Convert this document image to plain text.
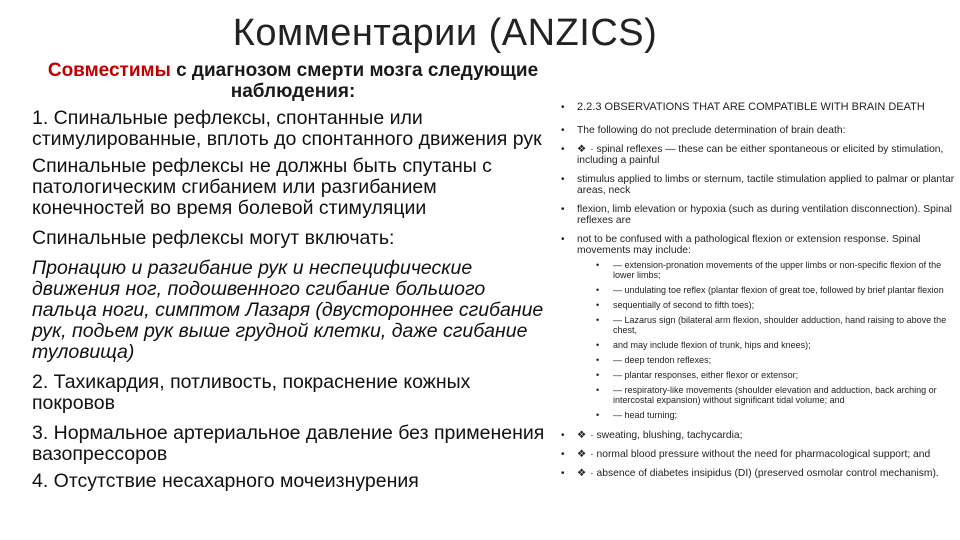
Комментарии (ANZICS)
Совместимы с диагнозом смерти мозга следующие наблюдения:
1. Спинальные рефлексы, спонтанные или стимулированные, вплоть до спонтанного движения рук
Спинальные рефлексы не должны быть спутаны с патологическим сгибанием или разгибанием конечностей во время болевой стимуляции
Спинальные рефлексы могут включать:
Пронацию и разгибание рук и неспецифические движения ног, подошвенного сгибание большого пальца ноги, симптом Лазаря (двустороннее сгибание рук, подьем рук выше грудной клетки, даже сгибание туловища)
2. Тахикардия, потливость, покраснение кожных покровов
3. Нормальное артериальное давление без применения вазопрессоров
4. Отсутствие несахарного мочеизнурения
• 2.2.3 OBSERVATIONS THAT ARE COMPATIBLE WITH BRAIN DEATH
• The following do not preclude determination of brain death:
• ❖ · spinal reflexes — these can be either spontaneous or elicited by stimulation, including a painful
• stimulus applied to limbs or sternum, tactile stimulation applied to palmar or plantar areas, neck
• flexion, limb elevation or hypoxia (such as during ventilation disconnection). Spinal reflexes are
• not to be confused with a pathological flexion or extension response. Spinal movements may include:
• — extension-pronation movements of the upper limbs or non-specific flexion of the lower limbs;
• — undulating toe reflex (plantar flexion of great toe, followed by brief plantar flexion
• sequentially of second to fifth toes);
• — Lazarus sign (bilateral arm flexion, shoulder adduction, hand raising to above the chest,
• and may include flexion of trunk, hips and knees);
• — deep tendon reflexes;
• — plantar responses, either flexor or extensor;
• — respiratory-like movements (shoulder elevation and adduction, back arching or intercostal expansion) without significant tidal volume; and
• — head turning;
• ❖ · sweating, blushing, tachycardia;
• ❖ · normal blood pressure without the need for pharmacological support; and
• ❖ · absence of diabetes insipidus (DI) (preserved osmolar control mechanism).
